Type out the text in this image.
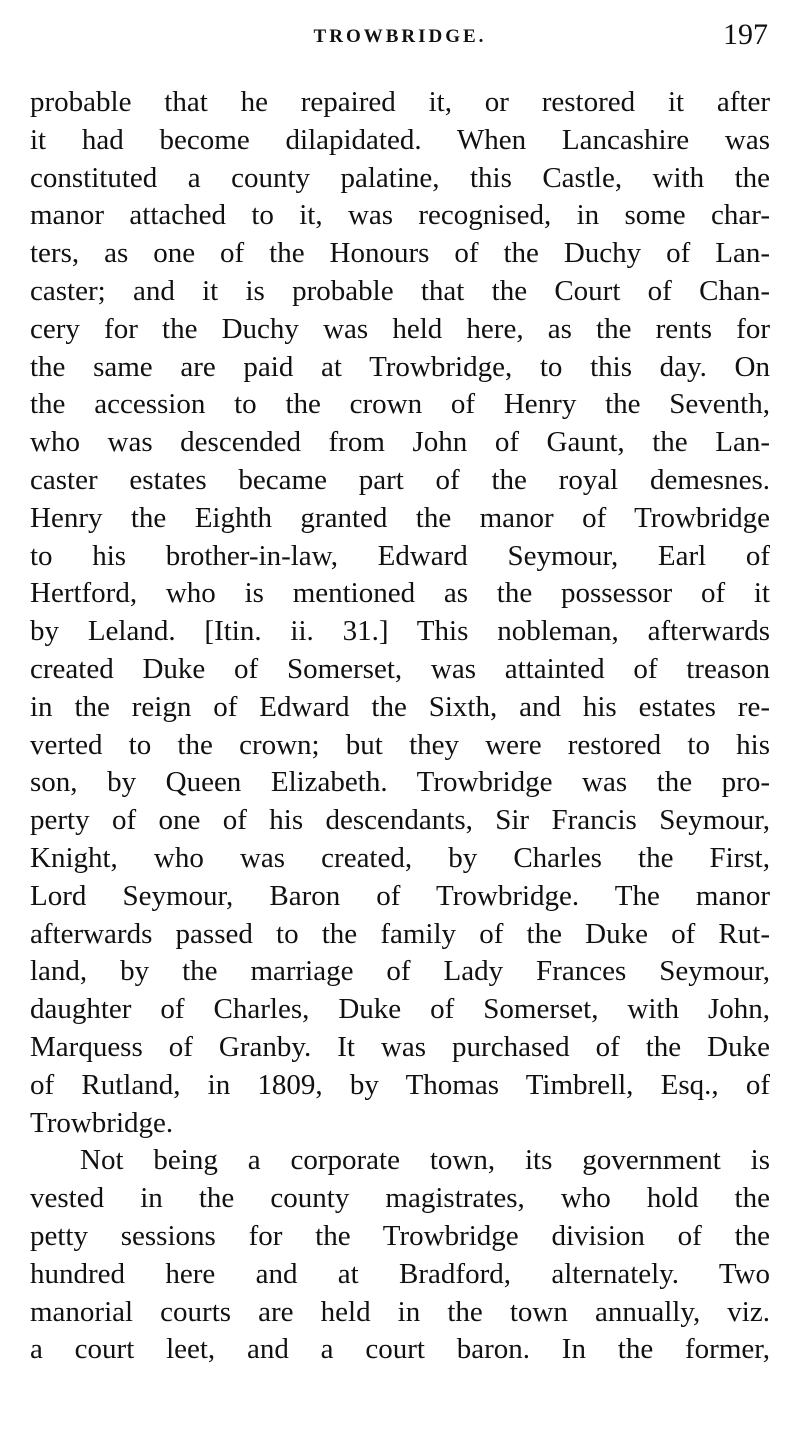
TROWBRIDGE.	197
probable that he repaired it, or restored it after
it had become dilapidated. When Lancashire was
constituted a county palatine, this Castle, with the
manor attached to it, was recognised, in some char-
ters, as one of the Honours of the Duchy of Lan-
caster; and it is probable that the Court of Chan-
cery for the Duchy was held here, as the rents for
the same are paid at Trowbridge, to this day. On
the accession to the crown of Henry the Seventh,
who was descended from John of Gaunt, the Lan-
caster estates became part of the royal demesnes.
Henry the Eighth granted the manor of Trowbridge
to his brother-in-law, Edward Seymour, Earl of
Hertford, who is mentioned as the possessor of it
by Leland. [Itin. ii. 31.] This nobleman, afterwards
created Duke of Somerset, was attainted of treason
in the reign of Edward the Sixth, and his estates re-
verted to the crown; but they were restored to his
son, by Queen Elizabeth. Trowbridge was the pro-
perty of one of his descendants, Sir Francis Seymour,
Knight, who was created, by Charles the First,
Lord Seymour, Baron of Trowbridge. The manor
afterwards passed to the family of the Duke of Rut-
land, by the marriage of Lady Frances Seymour,
daughter of Charles, Duke of Somerset, with John,
Marquess of Granby. It was purchased of the Duke
of Rutland, in 1809, by Thomas Timbrell, Esq., of
Trowbridge.
Not being a corporate town, its government is
vested in the county magistrates, who hold the
petty sessions for the Trowbridge division of the
hundred here and at Bradford, alternately. Two
manorial courts are held in the town annually, viz.
a court leet, and a court baron. In the former,
